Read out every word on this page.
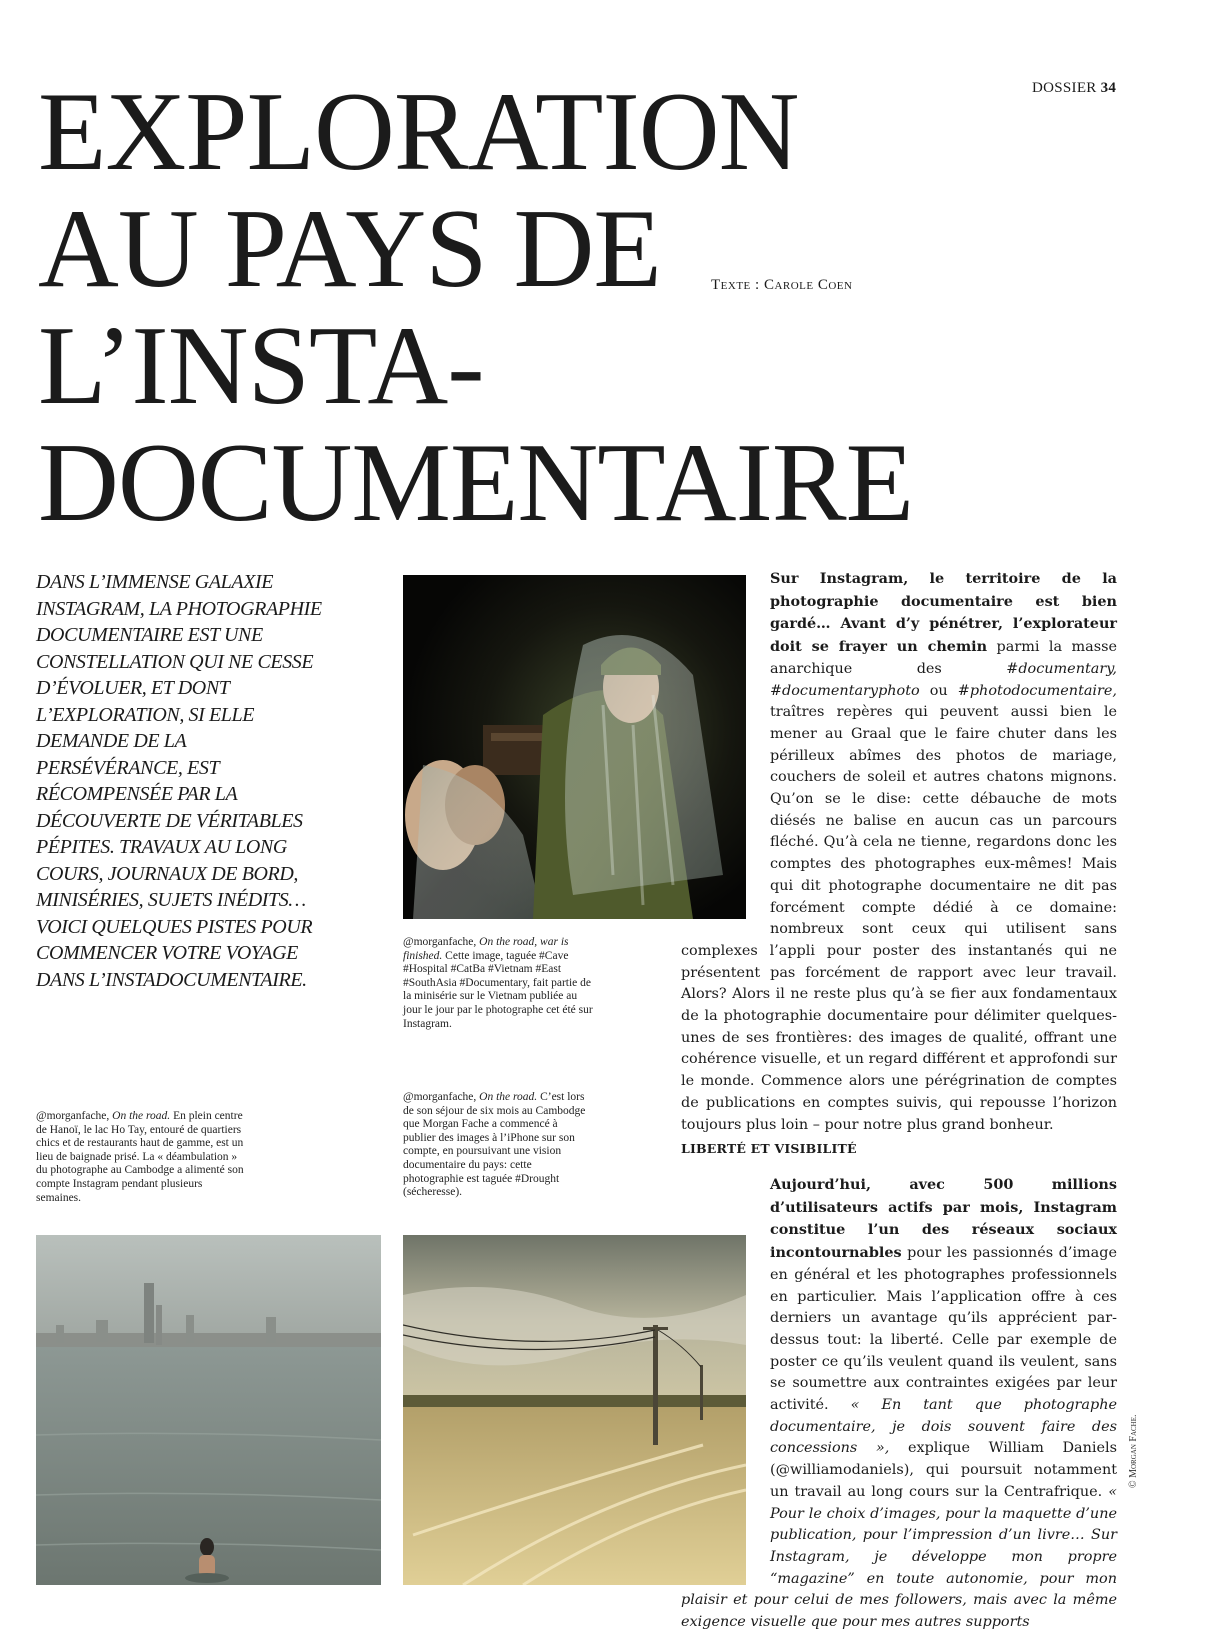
DOSSIER 34
EXPLORATION
AU PAYS DE
L’INSTA-
DOCUMENTAIRE
Texte : Carole Coen

DANS L’IMMENSE GALAXIE INSTAGRAM, LA PHOTOGRAPHIE DOCUMENTAIRE EST UNE CONSTELLATION QUI NE CESSE D’ÉVOLUER, ET DONT L’EXPLORATION, SI ELLE DEMANDE DE LA PERSÉVÉRANCE, EST RÉCOMPENSÉE PAR LA DÉCOUVERTE DE VÉRITABLES PÉPITES. TRAVAUX AU LONG COURS, JOURNAUX DE BORD, MINISÉRIES, SUJETS INÉDITS… VOICI QUELQUES PISTES POUR COMMENCER VOTRE VOYAGE DANS L’INSTADOCUMENTAIRE.

@morganfache, On the road, war is finished. Cette image, taguée #Cave #Hospital #CatBa #Vietnam #East #SouthAsia #Documentary, fait partie de la minisérie sur le Vietnam publiée au jour le jour par le photographe cet été sur Instagram.
@morganfache, On the road. En plein centre de Hanoï, le lac Ho Tay, entouré de quartiers chics et de restaurants haut de gamme, est un lieu de baignade prisé. La « déambulation » du photographe au Cambodge a alimenté son compte Instagram pendant plusieurs semaines.
@morganfache, On the road. C’est lors de son séjour de six mois au Cambodge que Morgan Fache a commencé à publier des images à l’iPhone sur son compte, en poursuivant une vision documentaire du pays: cette photographie est taguée #Drought (sécheresse).

Sur Instagram, le territoire de la photographie documentaire est bien gardé… Avant d’y pénétrer, l’explorateur doit se frayer un chemin parmi la masse anarchique des #documentary, #documentaryphoto ou #photodocumentaire, traîtres repères qui peuvent aussi bien le mener au Graal que le faire chuter dans les périlleux abîmes des photos de mariage, couchers de soleil et autres chatons mignons. Qu’on se le dise: cette débauche de mots diésés ne balise en aucun cas un parcours fléché. Qu’à cela ne tienne, regardons donc les comptes des photographes eux-mêmes! Mais qui dit photographe documentaire ne dit pas forcément compte dédié à ce domaine: nombreux sont ceux qui utilisent sans complexes l’appli pour poster des instantanés qui ne présentent pas forcément de rapport avec leur travail. Alors? Alors il ne reste plus qu’à se fier aux fondamentaux de la photographie documentaire pour délimiter quelques-unes de ses frontières: des images de qualité, offrant une cohérence visuelle, et un regard différent et approfondi sur le monde. Commence alors une pérégrination de comptes de publications en comptes suivis, qui repousse l’horizon toujours plus loin – pour notre plus grand bonheur.

LIBERTÉ ET VISIBILITÉ

Aujourd’hui, avec 500 millions d’utilisateurs actifs par mois, Instagram constitue l’un des réseaux sociaux incontournables pour les passionnés d’image en général et les photographes professionnels en particulier. Mais l’application offre à ces derniers un avantage qu’ils apprécient par-dessus tout: la liberté. Celle par exemple de poster ce qu’ils veulent quand ils veulent, sans se soumettre aux contraintes exigées par leur activité. « En tant que photographe documentaire, je dois souvent faire des concessions », explique William Daniels (@williamodaniels), qui poursuit notamment un travail au long cours sur la Centrafrique. « Pour le choix d’images, pour la maquette d’une publication, pour l’impression d’un livre… Sur Instagram, je développe mon propre “magazine” en toute autonomie, pour mon plaisir et pour celui de mes followers, mais avec la même exigence visuelle que pour mes autres supports

© Morgan Fache.
